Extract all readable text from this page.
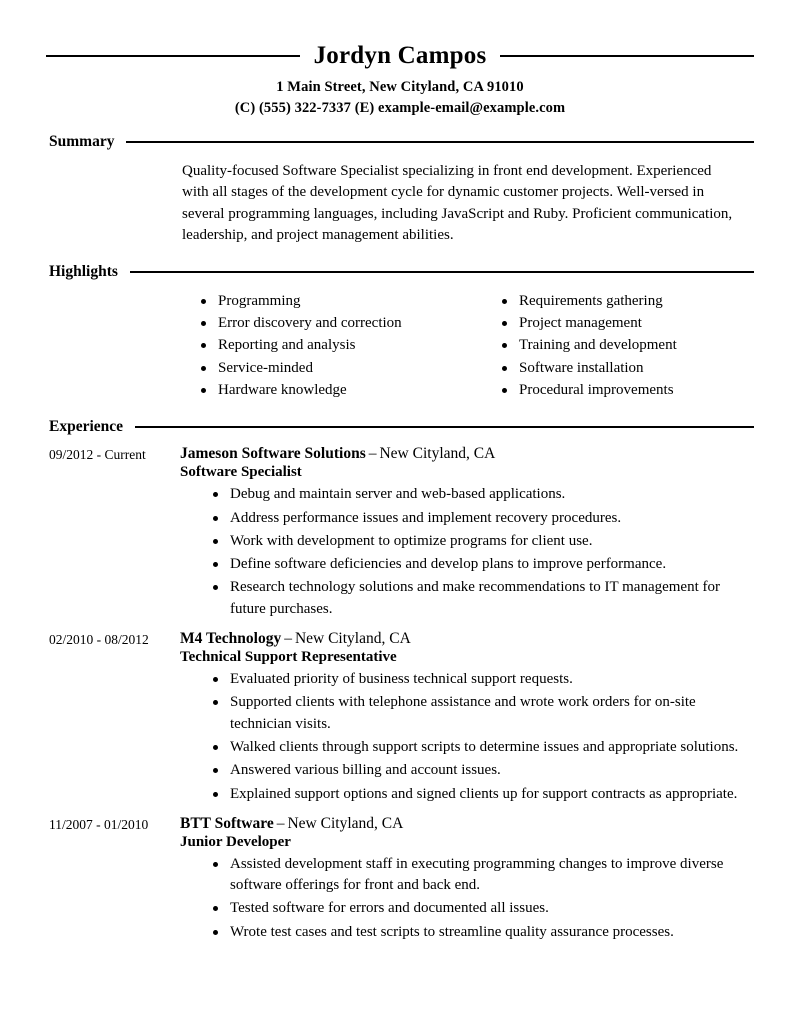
Jordyn Campos
1 Main Street, New Cityland, CA 91010
(C) (555) 322-7337 (E) example-email@example.com
Summary
Quality-focused Software Specialist specializing in front end development. Experienced with all stages of the development cycle for dynamic customer projects. Well-versed in several programming languages, including JavaScript and Ruby. Proficient communication, leadership, and project management abilities.
Highlights
Programming
Error discovery and correction
Reporting and analysis
Service-minded
Hardware knowledge
Requirements gathering
Project management
Training and development
Software installation
Procedural improvements
Experience
09/2012 - Current	Jameson Software Solutions – New Cityland, CA
Software Specialist
Debug and maintain server and web-based applications.
Address performance issues and implement recovery procedures.
Work with development to optimize programs for client use.
Define software deficiencies and develop plans to improve performance.
Research technology solutions and make recommendations to IT management for future purchases.
02/2010 - 08/2012	M4 Technology – New Cityland, CA
Technical Support Representative
Evaluated priority of business technical support requests.
Supported clients with telephone assistance and wrote work orders for on-site technician visits.
Walked clients through support scripts to determine issues and appropriate solutions.
Answered various billing and account issues.
Explained support options and signed clients up for support contracts as appropriate.
11/2007 - 01/2010	BTT Software – New Cityland, CA
Junior Developer
Assisted development staff in executing programming changes to improve diverse software offerings for front and back end.
Tested software for errors and documented all issues.
Wrote test cases and test scripts to streamline quality assurance processes.
